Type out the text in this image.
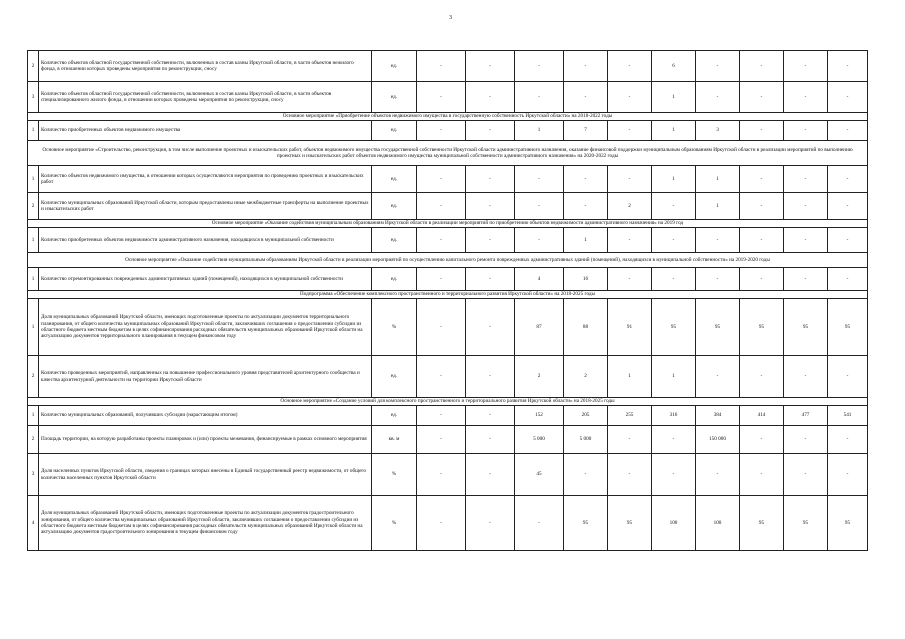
3
2	Количество объектов областной государственной собственности, включенных в состав казны Иркутской области, в части объектов нежилого фонда, в отношении которых проведены мероприятия по реконструкции, сносу	ед.	-	-	-	-	-	6	-	-	-	-
3	Количество объектов областной государственной собственности, включенных в состав казны Иркутской области, в части объектов специализированного жилого фонда, в отношении которых проведены мероприятия по реконструкции, сносу	ед.	-	-	-	-	-	1	-	-	-	-
Основное мероприятие «Приобретение объектов недвижимого имущества в государственную собственность Иркутской области» на 2018-2022 годы												
1	Количество приобретенных объектов недвижимого имущества	ед.	-	-	1	7	-	1	3	-	-	-
Основное мероприятие «Строительство, реконструкция, в том числе выполнение проектных и изыскательских работ, объектов недвижимого имущества государственной собственности Иркутской области административного назначения, оказание финансовой поддержки муниципальным образованиям Иркутской области в реализации мероприятий по выполнению проектных и изыскательских работ объектов недвижимого имущества муниципальной собственности административного назначения» на 2020-2022 годы												
1	Количество объектов недвижимого имущества, в отношении которых осуществляются мероприятия по проведению проектных и изыскательских работ	ед.	-	-	-	-	-	1	1	-	-	-
2	Количество муниципальных образований Иркутской области, которым предоставлены иные межбюджетные трансферты на выполнение проектных и изыскательских работ	ед.	-	-	-	-	2	-	1	-	-	-
Основное мероприятие «Оказание содействия муниципальным образованиям Иркутской области в реализации мероприятий по приобретению объектов недвижимости административного назначения» на 2019 год												
1	Количество приобретенных объектов недвижимости административного назначения, находящихся в муниципальной собственности	ед.	-	-	-	1	-	-	-	-	-	-
Основное мероприятие «Оказание содействия муниципальным образованиям Иркутской области в реализации мероприятий по осуществлению капитального ремонта поврежденных административных зданий (помещений), находящихся в муниципальной собственности» на 2019-2020 годы												
1	Количество отремонтированных поврежденных административных зданий (помещений), находящихся в муниципальной собственности	ед.	-	-	4	16	-	-	-	-	-	-
Подпрограмма «Обеспечение комплексного пространственного и территориального развития Иркутской области» на 2018-2025 годы												
1	Доля муниципальных образований Иркутской области, имеющих подготовленные проекты по актуализации документов территориального планирования, от общего количества муниципальных образований Иркутской области, заключивших соглашения о предоставлении субсидии из областного бюджета местным бюджетам в целях софинансирования расходных обязательств муниципальных образований Иркутской области на актуализацию документов территориального планирования в текущем финансовом году	%	-	-	87	88	91	95	95	95	95	95
2	Количество проведенных мероприятий, направленных на повышение профессионального уровня представителей архитектурного сообщества и качества архитектурной деятельности на территории Иркутской области	ед.	-	-	2	2	1	1	-	-	-	-
Основное мероприятие «Создание условий для комплексного пространственного и территориального развития Иркутской области» на 2018-2025 годы												
1	Количество муниципальных образований, получивших субсидии (нарастающим итогом)	ед.	-	-	152	205	255	316	384	414	477	541
2	Площадь территории, на которую разработаны проекты планировок и (или) проекты межевания, финансируемые в рамках основного мероприятия	кв. м	-	-	5 000	5 000	-	-	150 000	-	-	-
3	Доля населенных пунктов Иркутской области, сведения о границах которых внесены в Единый государственный реестр недвижимости, от общего количества населенных пунктов Иркутской области	%	-	-	45	-	-	-	-	-	-	-
4	Доля муниципальных образований Иркутской области, имеющих подготовленные проекты по актуализации документов градостроительного зонирования, от общего количества муниципальных образований Иркутской области, заключивших соглашения о предоставлении субсидии из областного бюджета местным бюджетам в целях софинансирования расходных обязательств муниципальных образований Иркутской области на актуализацию документов градостроительного зонирования в текущем финансовом году	%	-	-	-	95	95	100	100	95	95	95
